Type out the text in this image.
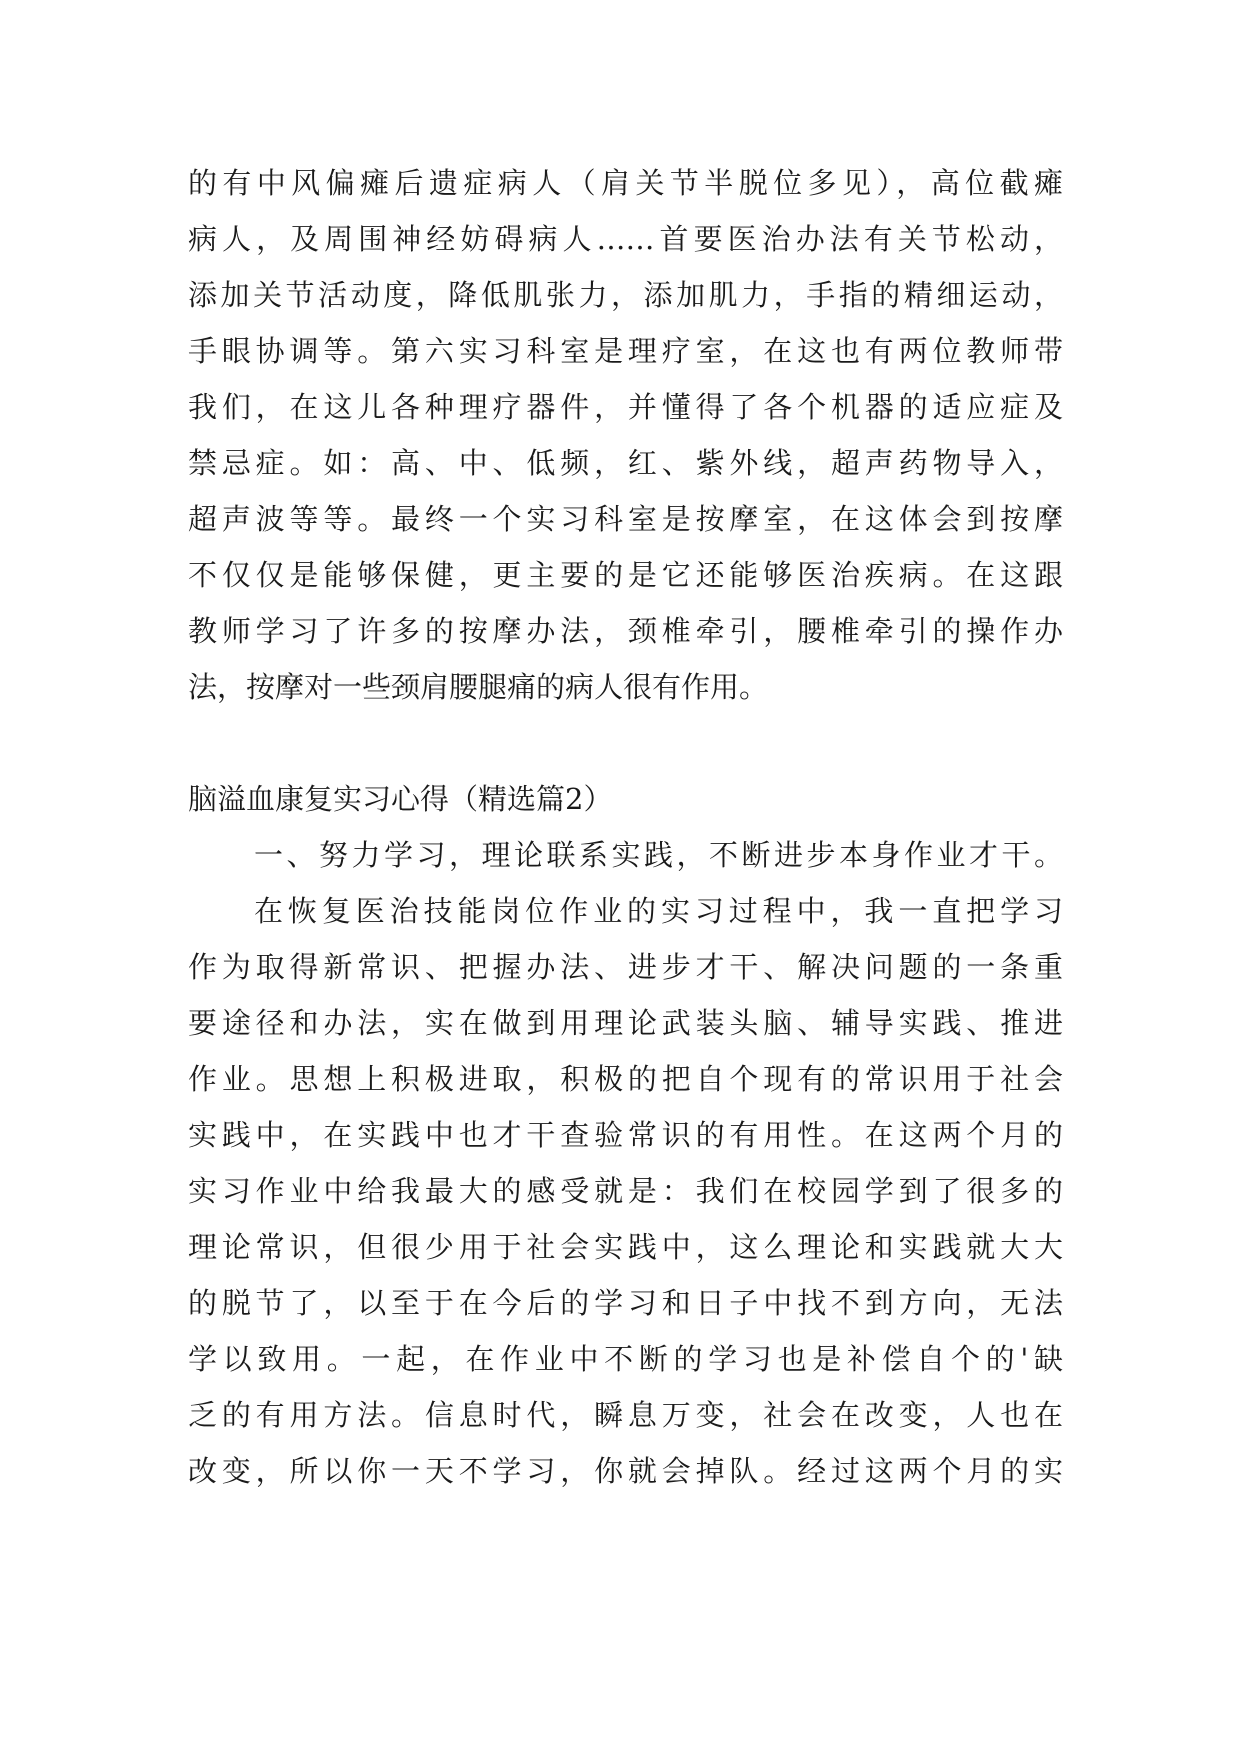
的有中风偏瘫后遗症病人（肩关节半脱位多见），高位截瘫
病人，及周围神经妨碍病人……首要医治办法有关节松动，
添加关节活动度，降低肌张力，添加肌力，手指的精细运动，
手眼协调等。第六实习科室是理疗室，在这也有两位教师带
我们，在这儿各种理疗器件，并懂得了各个机器的适应症及
禁忌症。如：高、中、低频，红、紫外线，超声药物导入，
超声波等等。最终一个实习科室是按摩室，在这体会到按摩
不仅仅是能够保健，更主要的是它还能够医治疾病。在这跟
教师学习了许多的按摩办法，颈椎牵引，腰椎牵引的操作办
法，按摩对一些颈肩腰腿痛的病人很有作用。
脑溢血康复实习心得（精选篇2）
一、努力学习，理论联系实践，不断进步本身作业才干。
在恢复医治技能岗位作业的实习过程中，我一直把学习
作为取得新常识、把握办法、进步才干、解决问题的一条重
要途径和办法，实在做到用理论武装头脑、辅导实践、推进
作业。思想上积极进取，积极的把自个现有的常识用于社会
实践中，在实践中也才干查验常识的有用性。在这两个月的
实习作业中给我最大的感受就是：我们在校园学到了很多的
理论常识，但很少用于社会实践中，这么理论和实践就大大
的脱节了，以至于在今后的学习和日子中找不到方向，无法
学以致用。一起，在作业中不断的学习也是补偿自个的'缺
乏的有用方法。信息时代，瞬息万变，社会在改变，人也在
改变，所以你一天不学习，你就会掉队。经过这两个月的实
